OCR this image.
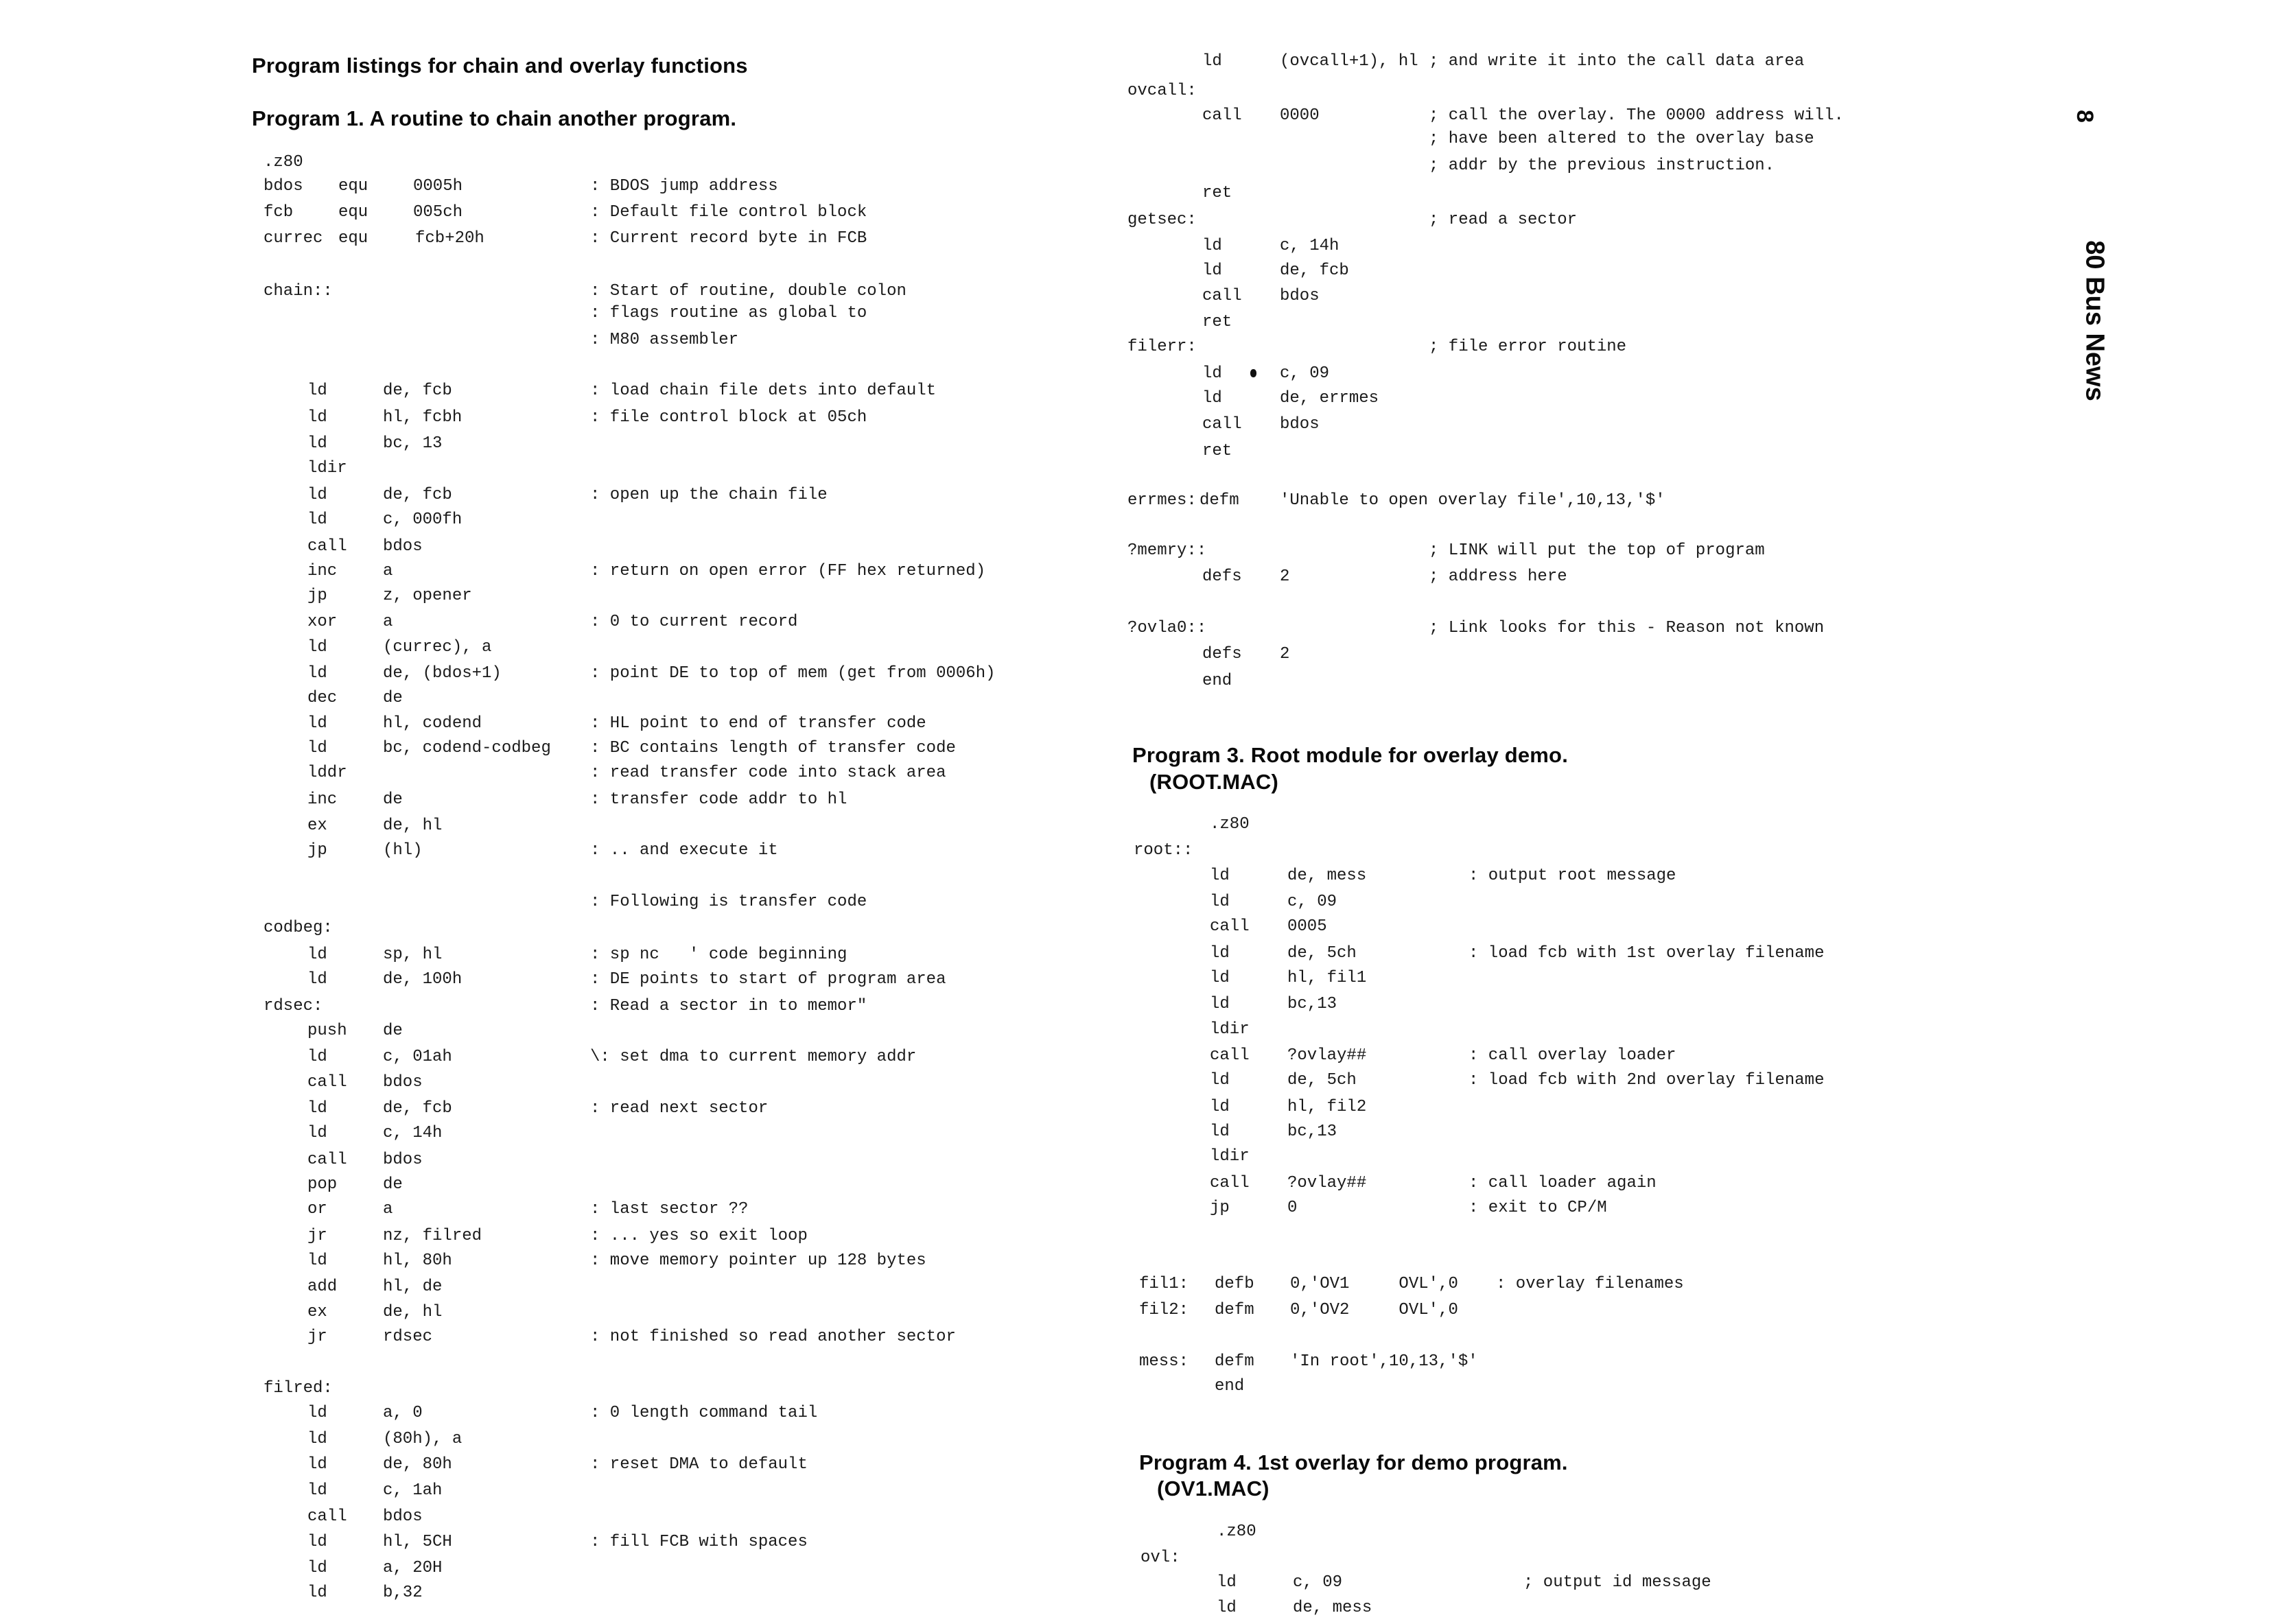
Program listings for chain and overlay functions
Program 1. A routine to chain another program.
.z80
bdos equ	0005h	: BDOS jump address
fcb	equ	005ch	: Default file control block
currec equ	fcb+20h	: Current record byte in FCB
chain::	: Start of routine, double colon
: flags routine as global to
: M80 assembler
ld	de, fcb	: load chain file dets into default
ld	hl, fcbh	: file control block at 05ch
ld	bc, 13
ldir
ld	de, fcb	: open up the chain file
ld	c, 000fh
call bdos
inc	a	: return on open error (FF hex returned)
jp	z, opener
xor	a	: 0 to current record
ld	(currec), a
ld	de, (bdos+1)	: point DE to top of mem (get from 0006h)
dec	de
ld	hl, codend	: HL point to end of transfer code
ld	bc, codend-codbeg : BC contains length of transfer code
lddr	: read transfer code into stack area
inc	de	: transfer code addr to hl
ex	de, hl
jp	(hl)	: .. and execute it
: Following is transfer code
codbeg:
ld	sp, hl	: sp nc   ' code beginning
ld	de, 100h	: DE points to start of program area
rdsec:	: Read a sector in to memor"
push de
ld	c, 01ah	\: set dma to current memory addr
call bdos
ld	de, fcb	: read next sector
ld	c, 14h
call bdos
pop	de
or	a	: last sector ??
jr	nz, filred	: ... yes so exit loop
ld	hl, 80h	: move memory pointer up 128 bytes
add	hl, de
ex	de, hl
jr	rdsec	: not finished so read another sector
filred:
ld	a, 0	: 0 length command tail
ld	(80h), a
ld	de, 80h	: reset DMA to default
ld	c, 1ah
call bdos
ld	hl, 5CH	: fill FCB with spaces
ld	a, 20H
ld	b,32
ld	(ovcall+1), hl ; and write it into the call data area
ovcall:
call 0000	; call the overlay. The 0000 address will.
; have been altered to the overlay base
; addr by the previous instruction.
ret
getsec:	; read a sector
ld	c, 14h
ld	de, fcb
call bdos
ret
filerr:	; file error routine
ld	c, 09
ld	de, errmes
call bdos
ret
errmes: defm 'Unable to open overlay file',10,13,'$'
?memry::	; LINK will put the top of program
defs 2	; address here
?ovla0::	; Link looks for this - Reason not known
defs 2
end
Program 3. Root module for overlay demo.
(ROOT.MAC)
.z80
root::
ld	de, mess	: output root message
ld	c, 09
call 0005
ld	de, 5ch	: load fcb with 1st overlay filename
ld	hl, fil1
ld	bc,13
ldir
call ?ovlay##	: call overlay loader
ld	de, 5ch	: load fcb with 2nd overlay filename
ld	hl, fil2
ld	bc,13
ldir
call ?ovlay##	: call loader again
jp	0	: exit to CP/M
fil1: defb 0,'OV1     OVL',0 : overlay filenames
fil2: defm 0,'OV2     OVL',0
mess: defm 'In root',10,13,'$'
end
Program 4. 1st overlay for demo program.
(OV1.MAC)
.z80
ovl:
ld	c, 09	; output id message
ld	de, mess
8
80 Bus News
